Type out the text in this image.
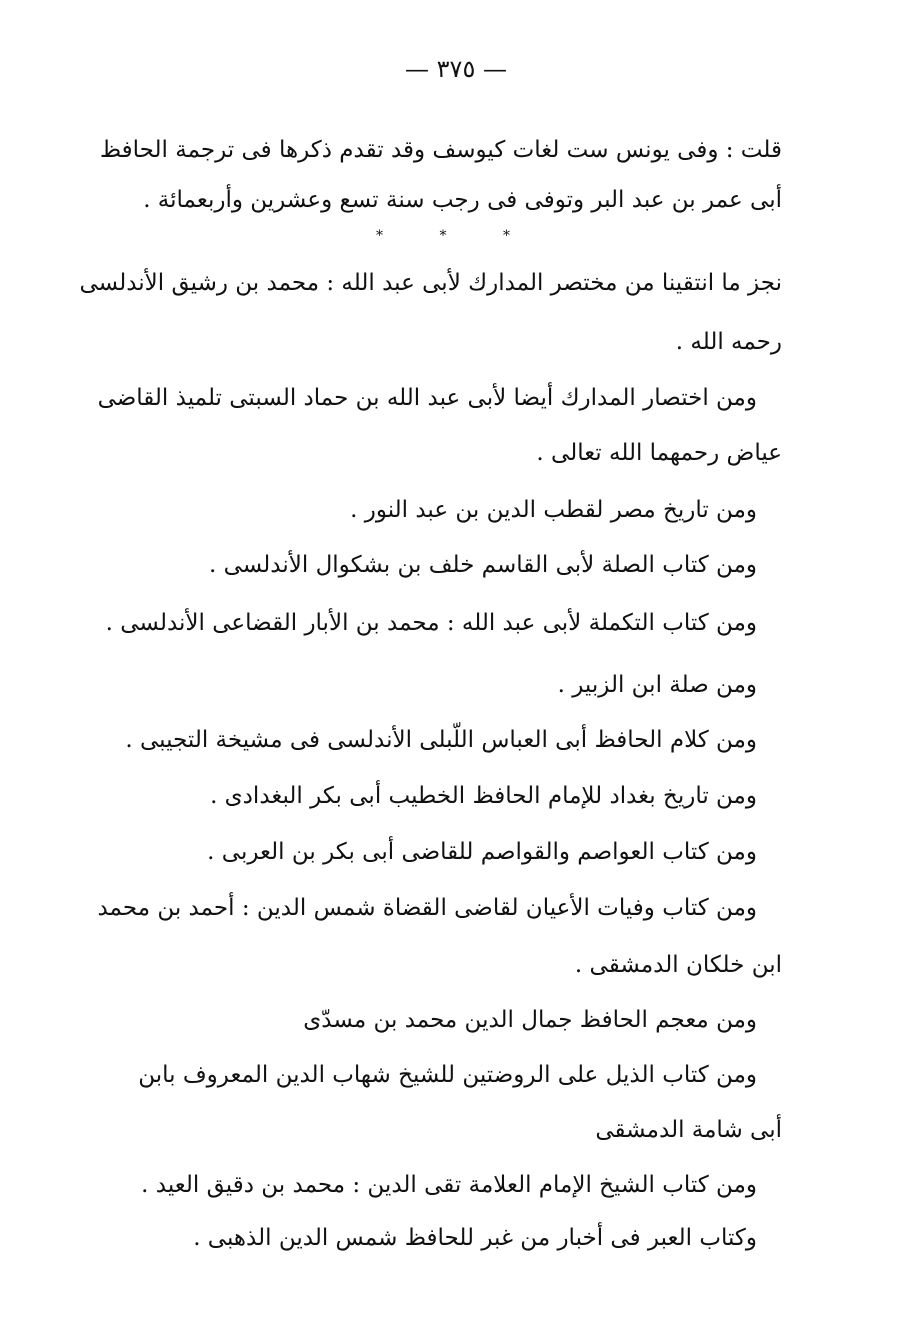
— ٣٧٥ —
قلت : وفى يونس ست لغات كيوسف وقد تقدم ذكرها فى ترجمة الحافظ
أبى عمر بن عبد البر وتوفى فى رجب سنة تسع وعشرين وأربعمائة .
* * *
نجز ما انتقينا من مختصر المدارك لأبى عبد الله : محمد بن رشيق الأندلسى
رحمه الله .
ومن اختصار المدارك أيضا لأبى عبد الله بن حماد السبتى تلميذ القاضى
عياض رحمهما الله تعالى .
ومن تاريخ مصر لقطب الدين بن عبد النور .
ومن كتاب الصلة لأبى القاسم خلف بن بشكوال الأندلسى .
ومن كتاب التكملة لأبى عبد الله : محمد بن الأبار القضاعى الأندلسى .
ومن صلة ابن الزبير .
ومن كلام الحافظ أبى العباس اللّبلى الأندلسى فى مشيخة التجيبى .
ومن تاريخ بغداد للإمام الحافظ الخطيب أبى بكر البغدادى .
ومن كتاب العواصم والقواصم للقاضى أبى بكر بن العربى .
ومن كتاب وفيات الأعيان لقاضى القضاة شمس الدين : أحمد بن محمد
ابن خلكان الدمشقى .
ومن معجم الحافظ جمال الدين محمد بن مسدّى
ومن كتاب الذيل على الروضتين للشيخ شهاب الدين المعروف بابن
أبى شامة الدمشقى
ومن كتاب الشيخ الإمام العلامة تقى الدين : محمد بن دقيق العيد .
وكتاب العبر فى أخبار من غبر للحافظ شمس الدين الذهبى .
